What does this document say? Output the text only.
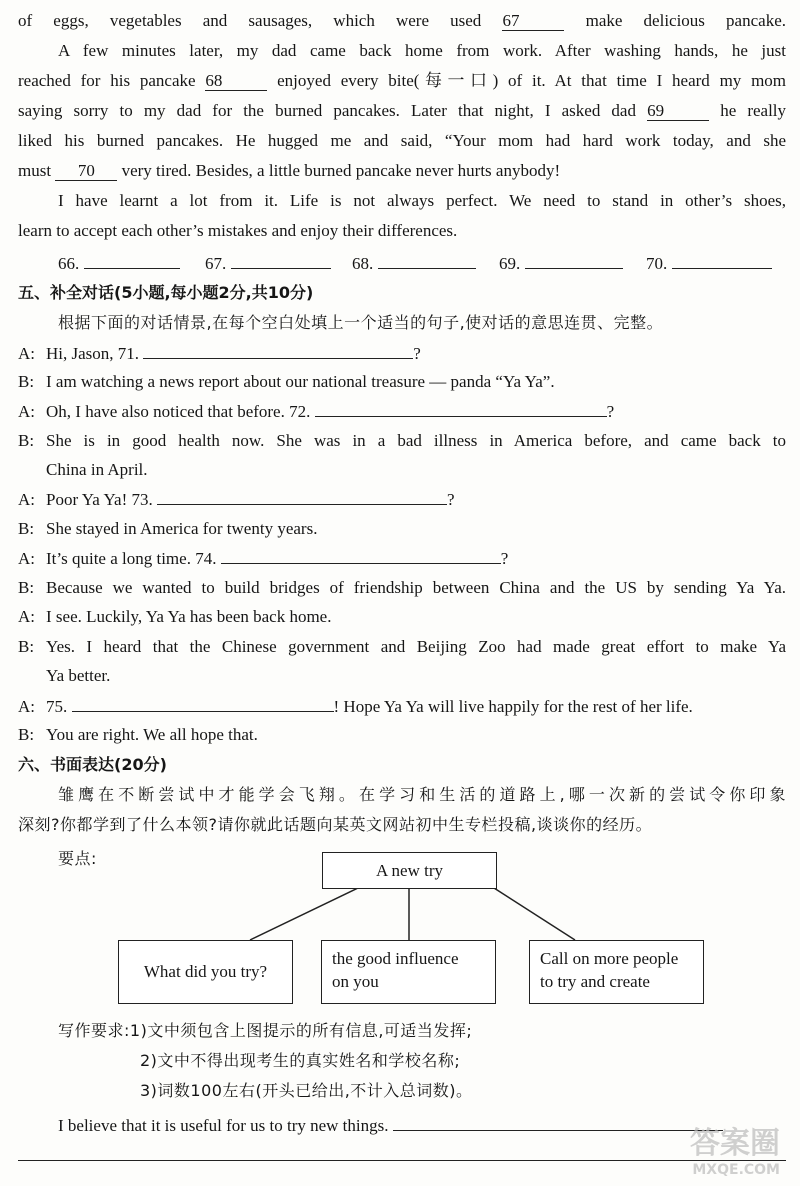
of eggs, vegetables and sausages, which were used 67	make delicious pancake.
A few minutes later, my dad came back home from work. After washing hands, he just
reached for his pancake 68	enjoyed every bite(每一口) of it. At that time I heard my mom
saying sorry to my dad for the burned pancakes. Later that night, I asked dad 69	he really
liked his burned pancakes. He hugged me and said, “Your mom had hard work today, and she
must 70 very tired. Besides, a little burned pancake never hurts anybody!
I have learnt a lot from it. Life is not always perfect. We need to stand in other’s shoes,
learn to accept each other’s mistakes and enjoy their differences.
66.	67.	68.	69.	70.
五、补全对话(5小题,每小题2分,共10分)
根据下面的对话情景,在每个空白处填上一个适当的句子,使对话的意思连贯、完整。
A: Hi, Jason, 71.	?
B: I am watching a news report about our national treasure — panda “Ya Ya”.
A: Oh, I have also noticed that before. 72.	?
B: She is in good health now. She was in a bad illness in America before, and came back to
China in April.
A: Poor Ya Ya! 73.	?
B: She stayed in America for twenty years.
A: It’s quite a long time. 74.	?
B: Because we wanted to build bridges of friendship between China and the US by sending Ya Ya.
A: I see. Luckily, Ya Ya has been back home.
B: Yes. I heard that the Chinese government and Beijing Zoo had made great effort to make Ya
Ya better.
A: 75.	! Hope Ya Ya will live happily for the rest of her life.
B: You are right. We all hope that.
六、书面表达(20分)
雏鹰在不断尝试中才能学会飞翔。在学习和生活的道路上,哪一次新的尝试令你印象
深刻?你都学到了什么本领?请你就此话题向某英文网站初中生专栏投稿,谈谈你的经历。
要点:
A new try
What did you try?
the good influence
on you
Call on more people
to try and create
写作要求:1)文中须包含上图提示的所有信息,可适当发挥;
2)文中不得出现考生的真实姓名和学校名称;
3)词数100左右(开头已给出,不计入总词数)。
I believe that it is useful for us to try new things.
答案圈
MXQE.COM
